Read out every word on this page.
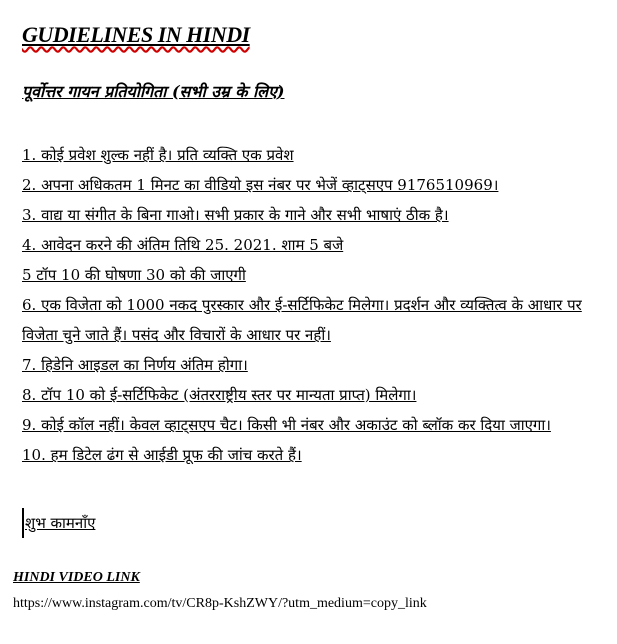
GUDIELINES IN HINDI
पूर्वोत्तर गायन प्रतियोगिता (सभी उम्र के लिए)
1. कोई प्रवेश शुल्क नहीं है। प्रति व्यक्ति एक प्रवेश
2. अपना अधिकतम 1 मिनट का वीडियो इस नंबर पर भेजें व्हाट्सएप 9176510969।
3. वाद्य या संगीत के बिना गाओ। सभी प्रकार के गाने और सभी भाषाएं ठीक है।
4. आवेदन करने की अंतिम तिथि 25. 2021. शाम 5 बजे
5 टॉप 10 की घोषणा 30 को की जाएगी
6. एक विजेता को 1000 नकद पुरस्कार और ई-सर्टिफिकेट मिलेगा। प्रदर्शन और व्यक्तित्व के आधार पर विजेता चुने जाते हैं। पसंद और विचारों के आधार पर नहीं।
7. हिडेनि आइडल का निर्णय अंतिम होगा।
8. टॉप 10 को ई-सर्टिफिकेट (अंतरराष्ट्रीय स्तर पर मान्यता प्राप्त) मिलेगा।
9. कोई कॉल नहीं। केवल व्हाट्सएप चैट। किसी भी नंबर और अकाउंट को ब्लॉक कर दिया जाएगा।
10. हम डिटेल ढंग से आईडी प्रूफ की जांच करते हैं।
शुभ कामनाँए
HINDI VIDEO LINK
https://www.instagram.com/tv/CR8p-KshZWY/?utm_medium=copy_link
